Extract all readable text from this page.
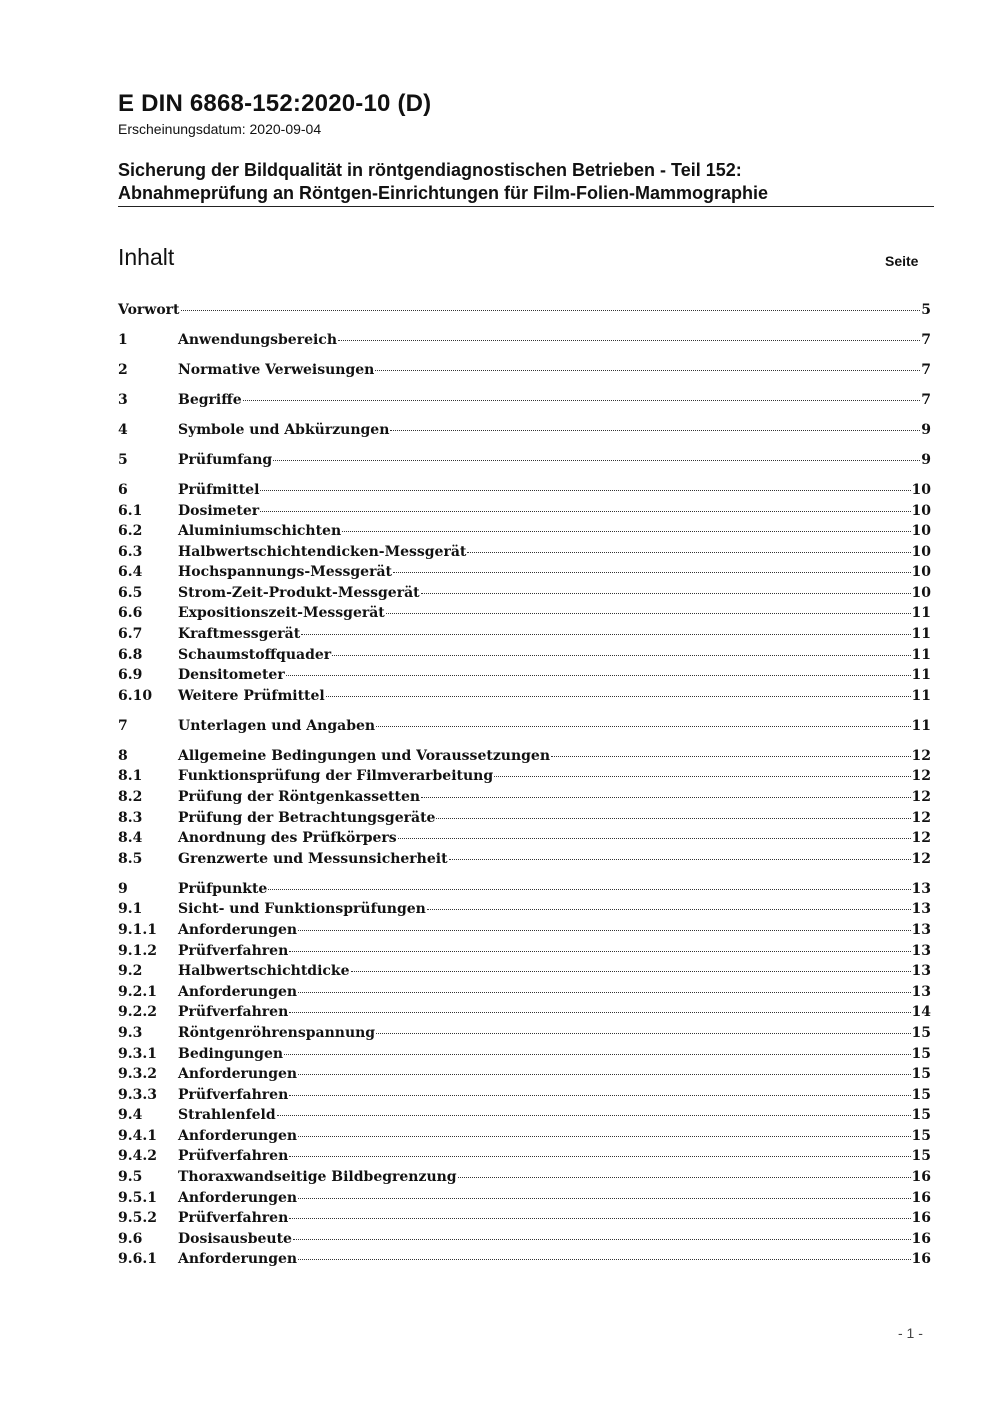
E DIN 6868-152:2020-10 (D)
Erscheinungsdatum: 2020-09-04
Sicherung der Bildqualität in röntgendiagnostischen Betrieben - Teil 152:
Abnahmeprüfung an Röntgen-Einrichtungen für Film-Folien-Mammographie
Inhalt	Seite
Vorwort	5
1	Anwendungsbereich	7
2	Normative Verweisungen	7
3	Begriffe	7
4	Symbole und Abkürzungen	9
5	Prüfumfang	9
6	Prüfmittel	10
6.1	Dosimeter	10
6.2	Aluminiumschichten	10
6.3	Halbwertschichtendicken-Messgerät	10
6.4	Hochspannungs-Messgerät	10
6.5	Strom-Zeit-Produkt-Messgerät	10
6.6	Expositionszeit-Messgerät	11
6.7	Kraftmessgerät	11
6.8	Schaumstoffquader	11
6.9	Densitometer	11
6.10	Weitere Prüfmittel	11
7	Unterlagen und Angaben	11
8	Allgemeine Bedingungen und Voraussetzungen	12
8.1	Funktionsprüfung der Filmverarbeitung	12
8.2	Prüfung der Röntgenkassetten	12
8.3	Prüfung der Betrachtungsgeräte	12
8.4	Anordnung des Prüfkörpers	12
8.5	Grenzwerte und Messunsicherheit	12
9	Prüfpunkte	13
9.1	Sicht- und Funktionsprüfungen	13
9.1.1	Anforderungen	13
9.1.2	Prüfverfahren	13
9.2	Halbwertschichtdicke	13
9.2.1	Anforderungen	13
9.2.2	Prüfverfahren	14
9.3	Röntgenröhrenspannung	15
9.3.1	Bedingungen	15
9.3.2	Anforderungen	15
9.3.3	Prüfverfahren	15
9.4	Strahlenfeld	15
9.4.1	Anforderungen	15
9.4.2	Prüfverfahren	15
9.5	Thoraxwandseitige Bildbegrenzung	16
9.5.1	Anforderungen	16
9.5.2	Prüfverfahren	16
9.6	Dosisausbeute	16
9.6.1	Anforderungen	16
- 1 -
